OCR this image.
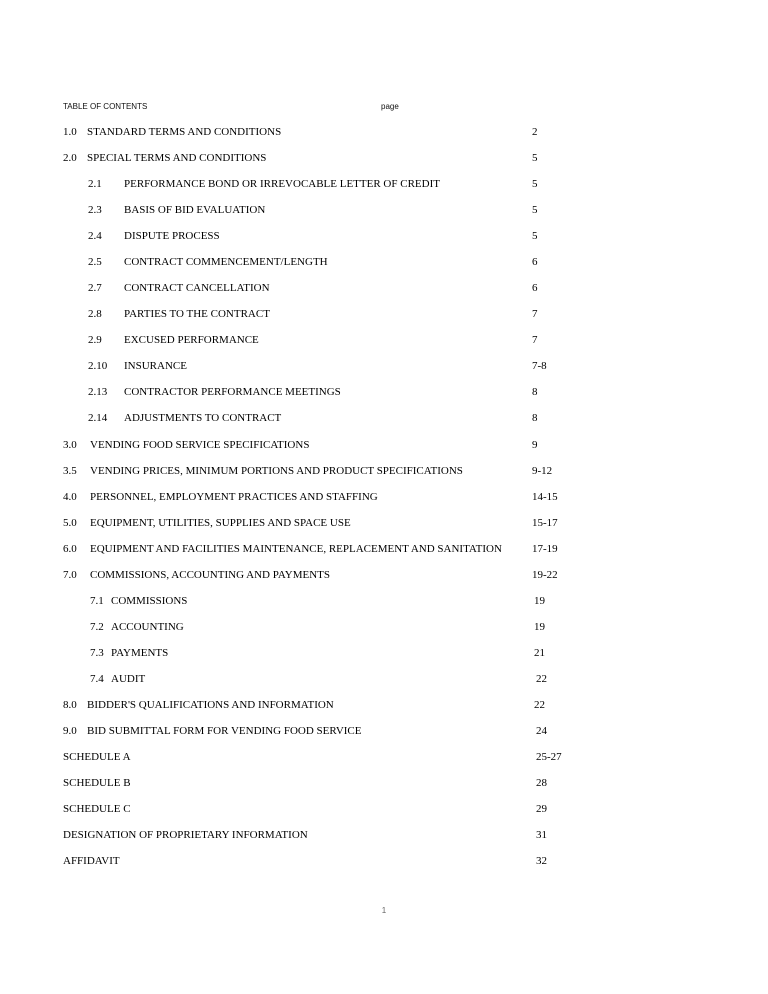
TABLE OF CONTENTS	page
1.0 STANDARD TERMS AND CONDITIONS	2
2.0 SPECIAL TERMS AND CONDITIONS	5
2.1 PERFORMANCE BOND OR IRREVOCABLE LETTER OF CREDIT	5
2.3 BASIS OF BID EVALUATION	5
2.4 DISPUTE PROCESS	5
2.5 CONTRACT COMMENCEMENT/LENGTH	6
2.7 CONTRACT CANCELLATION	6
2.8 PARTIES TO THE CONTRACT	7
2.9 EXCUSED PERFORMANCE	7
2.10 INSURANCE	7-8
2.13 CONTRACTOR PERFORMANCE MEETINGS	8
2.14 ADJUSTMENTS TO CONTRACT	8
3.0 VENDING FOOD SERVICE SPECIFICATIONS	9
3.5 VENDING PRICES, MINIMUM PORTIONS AND PRODUCT SPECIFICATIONS	9-12
4.0 PERSONNEL, EMPLOYMENT PRACTICES AND STAFFING	14-15
5.0 EQUIPMENT, UTILITIES, SUPPLIES AND SPACE USE	15-17
6.0 EQUIPMENT AND FACILITIES MAINTENANCE, REPLACEMENT AND SANITATION	17-19
7.0 COMMISSIONS, ACCOUNTING AND PAYMENTS	19-22
7.1 COMMISSIONS	19
7.2 ACCOUNTING	19
7.3 PAYMENTS	21
7.4 AUDIT	22
8.0 BIDDER'S QUALIFICATIONS AND INFORMATION	22
9.0 BID SUBMITTAL FORM FOR VENDING FOOD SERVICE	24
SCHEDULE A	25-27
SCHEDULE B	28
SCHEDULE C	29
DESIGNATION OF PROPRIETARY INFORMATION	31
AFFIDAVIT	32
1
